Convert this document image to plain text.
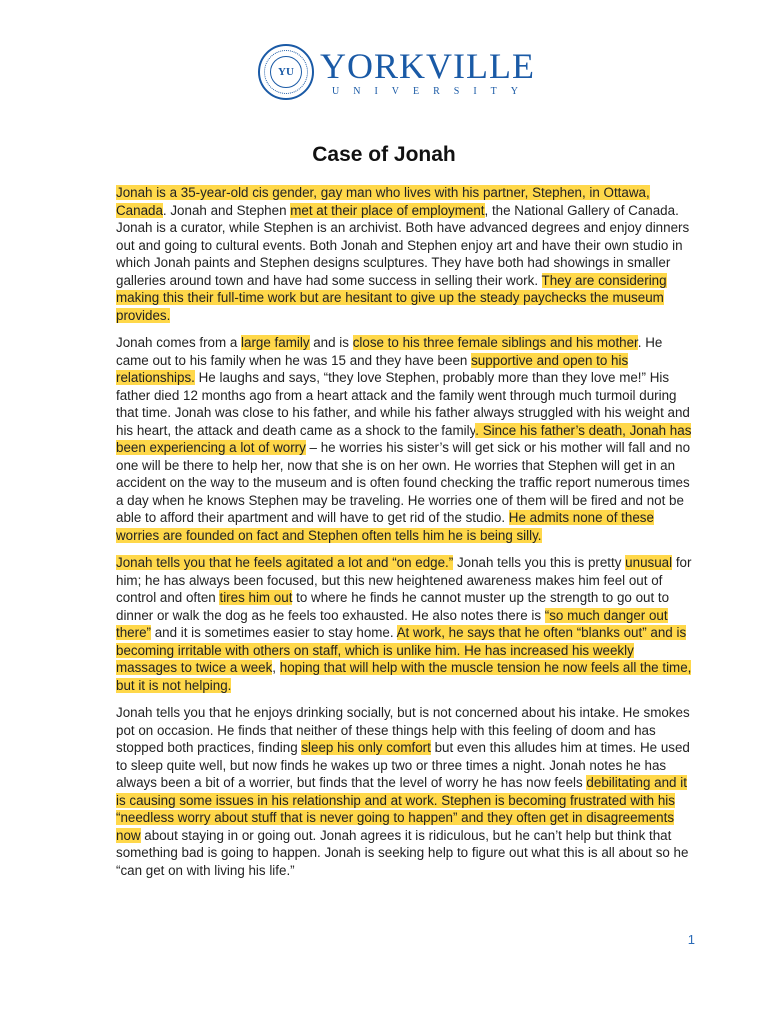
YU YORKVILLE
UNIVERSITY
Case of Jonah

Jonah is a 35-year-old cis gender, gay man who lives with his partner, Stephen, in Ottawa, Canada. Jonah and Stephen met at their place of employment, the National Gallery of Canada. Jonah is a curator, while Stephen is an archivist. Both have advanced degrees and enjoy dinners out and going to cultural events. Both Jonah and Stephen enjoy art and have their own studio in which Jonah paints and Stephen designs sculptures. They have both had showings in smaller galleries around town and have had some success in selling their work. They are considering making this their full-time work but are hesitant to give up the steady paychecks the museum provides.

Jonah comes from a large family and is close to his three female siblings and his mother. He came out to his family when he was 15 and they have been supportive and open to his relationships. He laughs and says, “they love Stephen, probably more than they love me!” His father died 12 months ago from a heart attack and the family went through much turmoil during that time. Jonah was close to his father, and while his father always struggled with his weight and his heart, the attack and death came as a shock to the family. Since his father’s death, Jonah has been experiencing a lot of worry – he worries his sister’s will get sick or his mother will fall and no one will be there to help her, now that she is on her own. He worries that Stephen will get in an accident on the way to the museum and is often found checking the traffic report numerous times a day when he knows Stephen may be traveling. He worries one of them will be fired and not be able to afford their apartment and will have to get rid of the studio. He admits none of these worries are founded on fact and Stephen often tells him he is being silly.

Jonah tells you that he feels agitated a lot and “on edge.” Jonah tells you this is pretty unusual for him; he has always been focused, but this new heightened awareness makes him feel out of control and often tires him out to where he finds he cannot muster up the strength to go out to dinner or walk the dog as he feels too exhausted. He also notes there is “so much danger out there” and it is sometimes easier to stay home. At work, he says that he often “blanks out” and is becoming irritable with others on staff, which is unlike him. He has increased his weekly massages to twice a week, hoping that will help with the muscle tension he now feels all the time, but it is not helping.

Jonah tells you that he enjoys drinking socially, but is not concerned about his intake. He smokes pot on occasion. He finds that neither of these things help with this feeling of doom and has stopped both practices, finding sleep his only comfort but even this alludes him at times. He used to sleep quite well, but now finds he wakes up two or three times a night. Jonah notes he has always been a bit of a worrier, but finds that the level of worry he has now feels debilitating and it is causing some issues in his relationship and at work. Stephen is becoming frustrated with his “needless worry about stuff that is never going to happen” and they often get in disagreements now about staying in or going out. Jonah agrees it is ridiculous, but he can’t help but think that something bad is going to happen. Jonah is seeking help to figure out what this is all about so he “can get on with living his life.”

1
